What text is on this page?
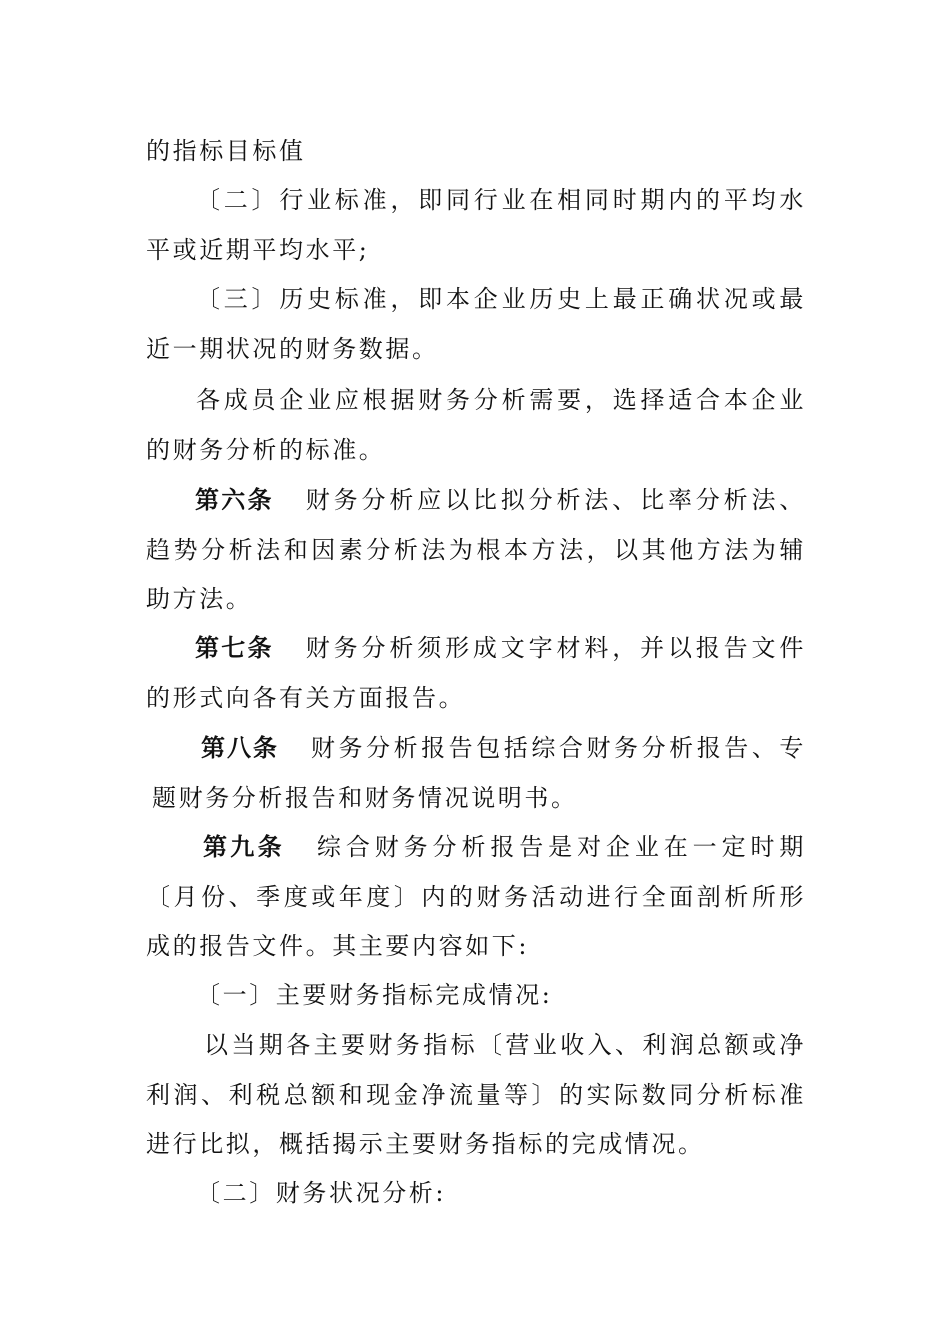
的指标目标值

〔二〕行业标准，即同行业在相同时期内的平均水平或近期平均水平;

〔三〕历史标准，即本企业历史上最正确状况或最近一期状况的财务数据。

各成员企业应根据财务分析需要，选择适合本企业的财务分析的标准。

第六条 财务分析应以比拟分析法、比率分析法、趋势分析法和因素分析法为根本方法，以其他方法为辅助方法。

第七条 财务分析须形成文字材料，并以报告文件的形式向各有关方面报告。

第八条 财务分析报告包括综合财务分析报告、专题财务分析报告和财务情况说明书。

第九条 综合财务分析报告是对企业在一定时期〔月份、季度或年度〕内的财务活动进行全面剖析所形成的报告文件。其主要内容如下:

〔一〕主要财务指标完成情况:

以当期各主要财务指标〔营业收入、利润总额或净利润、利税总额和现金净流量等〕的实际数同分析标准进行比拟，概括揭示主要财务指标的完成情况。

〔二〕财务状况分析:
